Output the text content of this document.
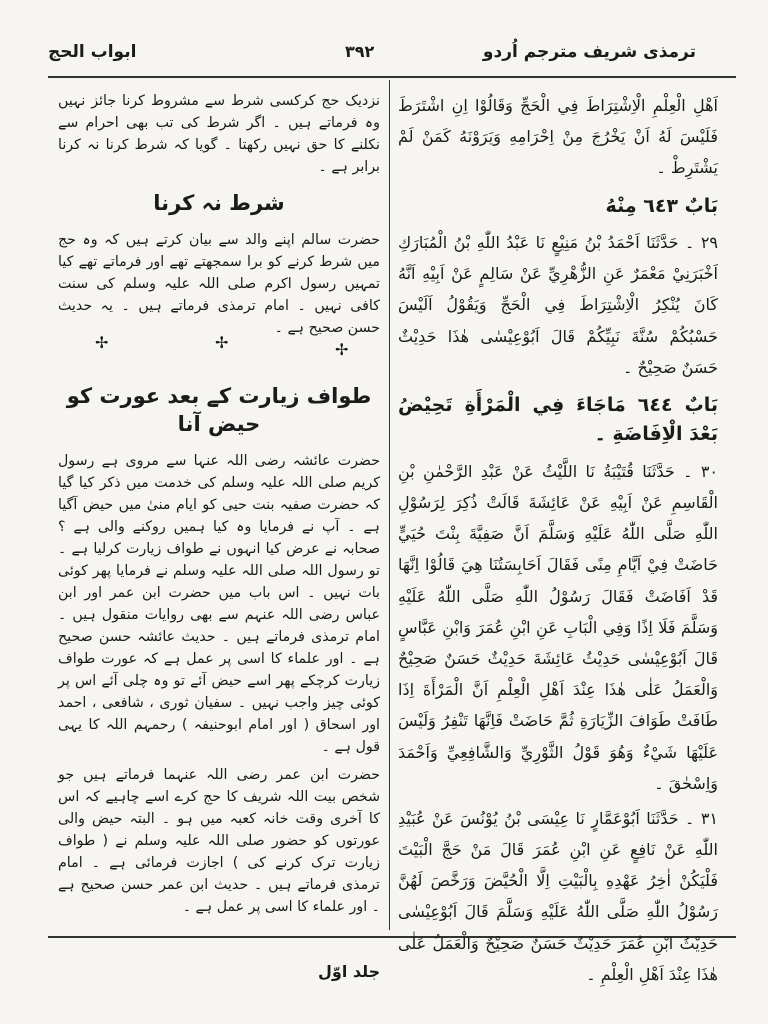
ترمذی شریف مترجم اُردو
۳۹۲
ابواب الحج

اَهْلِ الْعِلْمِ الْاِشْتِرَاطَ فِي الْحَجِّ وَقَالُوْا اِنِ اشْتَرَطَ فَلَيْسَ لَهُ اَنْ يَخْرُجَ مِنْ اِحْرَامِهِ وَيَرَوْنَهُ كَمَنْ لَمْ يَشْتَرِطْ ۔

بَابٌ ٦٤٣ مِنْهُ

٢٩ ۔ حَدَّثَنَا اَحْمَدُ بْنُ مَنِيْعٍ نَا عَبْدُ اللّٰهِ بْنُ الْمُبَارَكِ اَخْبَرَنِيْ مَعْمَرٌ عَنِ الزُّهْرِيِّ عَنْ سَالِمٍ عَنْ اَبِيْهِ اَنَّهُ كَانَ يُنْكِرُ الْاِشْتِرَاطَ فِي الْحَجِّ وَيَقُوْلُ اَلَيْسَ حَسْبُكُمْ سُنَّةَ نَبِيِّكُمْ قَالَ اَبُوْعِيْسٰى هٰذَا حَدِيْثٌ حَسَنٌ صَحِيْحٌ ۔

بَابٌ ٦٤٤ مَاجَاءَ فِي الْمَرْأَةِ تَحِيْضُ بَعْدَ الْاِفَاضَةِ ۔

٣٠ ۔ حَدَّثَنَا قُتَيْبَةُ نَا اللَّيْثُ عَنْ عَبْدِ الرَّحْمٰنِ بْنِ الْقَاسِمِ عَنْ اَبِيْهِ عَنْ عَائِشَةَ قَالَتْ ذُكِرَ لِرَسُوْلِ اللّٰهِ صَلَّى اللّٰهُ عَلَيْهِ وَسَلَّمَ اَنَّ صَفِيَّةَ بِنْتَ حُيَيٍّ حَاضَتْ فِيْ اَيَّامِ مِنًى فَقَالَ اَحَابِسَتُنَا هِيَ قَالُوْا اِنَّهَا قَدْ اَفَاضَتْ فَقَالَ رَسُوْلُ اللّٰهِ صَلَّى اللّٰهُ عَلَيْهِ وَسَلَّمَ فَلَا اِذًا وَفِي الْبَابِ عَنِ ابْنِ عُمَرَ وَابْنِ عَبَّاسٍ قَالَ اَبُوْعِيْسٰى حَدِيْثُ عَائِشَةَ حَدِيْثٌ حَسَنٌ صَحِيْحٌ وَالْعَمَلُ عَلٰى هٰذَا عِنْدَ اَهْلِ الْعِلْمِ اَنَّ الْمَرْأَةَ اِذَا طَافَتْ طَوَافَ الزِّيَارَةِ ثُمَّ حَاضَتْ فَاِنَّهَا تَنْفِرُ وَلَيْسَ عَلَيْهَا شَيْءٌ وَهُوَ قَوْلُ الثَّوْرِيِّ وَالشَّافِعِيِّ وَاَحْمَدَ وَاِسْحٰقَ ۔

٣١ ۔ حَدَّثَنَا اَبُوْعَمَّارٍ نَا عِيْسَى بْنُ يُوْنُسَ عَنْ عُبَيْدِ اللّٰهِ عَنْ نَافِعٍ عَنِ ابْنِ عُمَرَ قَالَ مَنْ حَجَّ الْبَيْتَ فَلْيَكُنْ اٰخِرُ عَهْدِهِ بِالْبَيْتِ اِلَّا الْحُيَّضَ وَرَخَّصَ لَهُنَّ رَسُوْلُ اللّٰهِ صَلَّى اللّٰهُ عَلَيْهِ وَسَلَّمَ قَالَ اَبُوْعِيْسٰى حَدِيْثُ ابْنِ عُمَرَ حَدِيْثٌ حَسَنٌ صَحِيْحٌ وَالْعَمَلُ عَلٰى هٰذَا عِنْدَ اَهْلِ الْعِلْمِ ۔

نزدیک حج کرکسی شرط سے مشروط کرنا جائز نہیں وہ فرماتے ہیں ۔ اگر شرط کی تب بھی احرام سے نکلنے کا حق نہیں رکھتا ۔ گویا کہ شرط کرنا نہ کرنا برابر ہے ۔

شرط نہ کرنا

حضرت سالم اپنے والد سے بیان کرتے ہیں کہ وہ حج میں شرط کرنے کو برا سمجھتے تھے اور فرماتے تھے کیا تمہیں رسول اکرم صلی اللہ علیہ وسلم کی سنت کافی نہیں ۔ امام ترمذی فرماتے ہیں ۔ یہ حدیث حسن صحیح ہے ۔

طواف زیارت کے بعد عورت کو حیض آنا

حضرت عائشہ رضی اللہ عنہا سے مروی ہے رسول کریم صلی اللہ علیہ وسلم کی خدمت میں ذکر کیا گیا کہ حضرت صفیہ بنت حیی کو ایام منیٰ میں حیض آگیا ہے ۔ آپ نے فرمایا وہ کیا ہمیں روکنے والی ہے ؟ صحابہ نے عرض کیا انہوں نے طواف زیارت کرلیا ہے ۔ تو رسول اللہ صلی اللہ علیہ وسلم نے فرمایا پھر کوئی بات نہیں ۔ اس باب میں حضرت ابن عمر اور ابن عباس رضی اللہ عنہم سے بھی روایات منقول ہیں ۔ امام ترمذی فرماتے ہیں ۔ حدیث عائشہ حسن صحیح ہے ۔ اور علماء کا اسی پر عمل ہے کہ عورت طواف زیارت کرچکے پھر اسے حیض آئے تو وہ چلی آئے اس پر کوئی چیز واجب نہیں ۔ سفیان ثوری ، شافعی ، احمد اور اسحاق ( اور امام ابوحنیفہ ) رحمہم اللہ کا یہی قول ہے ۔

حضرت ابن عمر رضی اللہ عنہما فرماتے ہیں جو شخص بیت اللہ شریف کا حج کرے اسے چاہیے کہ اس کا آخری وقت خانہ کعبہ میں ہو ۔ البتہ حیض والی عورتوں کو حضور صلی اللہ علیہ وسلم نے ( طواف زیارت ترک کرنے کی ) اجازت فرمائی ہے ۔ امام ترمذی فرماتے ہیں ۔ حدیث ابن عمر حسن صحیح ہے ۔ اور علماء کا اسی پر عمل ہے ۔

✢	✢	✢
جلد اوّل
